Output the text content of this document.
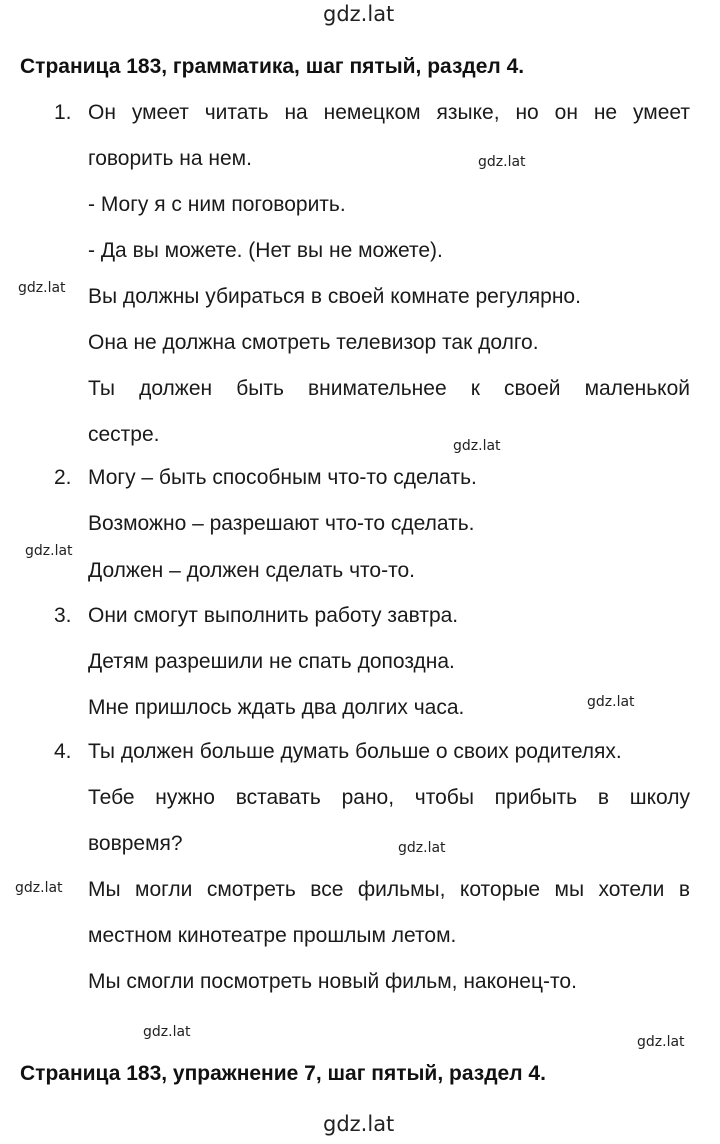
gdz.lat
gdz.lat
gdz.lat
gdz.lat
gdz.lat
gdz.lat
gdz.lat
gdz.lat
gdz.lat
gdz.lat
gdz.lat
Страница 183, грамматика, шаг пятый, раздел 4.
1. Он умеет читать на немецком языке, но он не умеет
говорить на нем.
- Могу я с ним поговорить.
- Да вы можете. (Нет вы не можете).
Вы должны убираться в своей комнате регулярно.
Она не должна смотреть телевизор так долго.
Ты должен быть внимательнее к своей маленькой
сестре.
2. Могу – быть способным что-то сделать.
Возможно – разрешают что-то сделать.
Должен – должен сделать что-то.
3. Они смогут выполнить работу завтра.
Детям разрешили не спать допоздна.
Мне пришлось ждать два долгих часа.
4. Ты должен больше думать больше о своих родителях.
Тебе нужно вставать рано, чтобы прибыть в школу
вовремя?
Мы могли смотреть все фильмы, которые мы хотели в
местном кинотеатре прошлым летом.
Мы смогли посмотреть новый фильм, наконец-то.
Страница 183, упражнение 7, шаг пятый, раздел 4.
